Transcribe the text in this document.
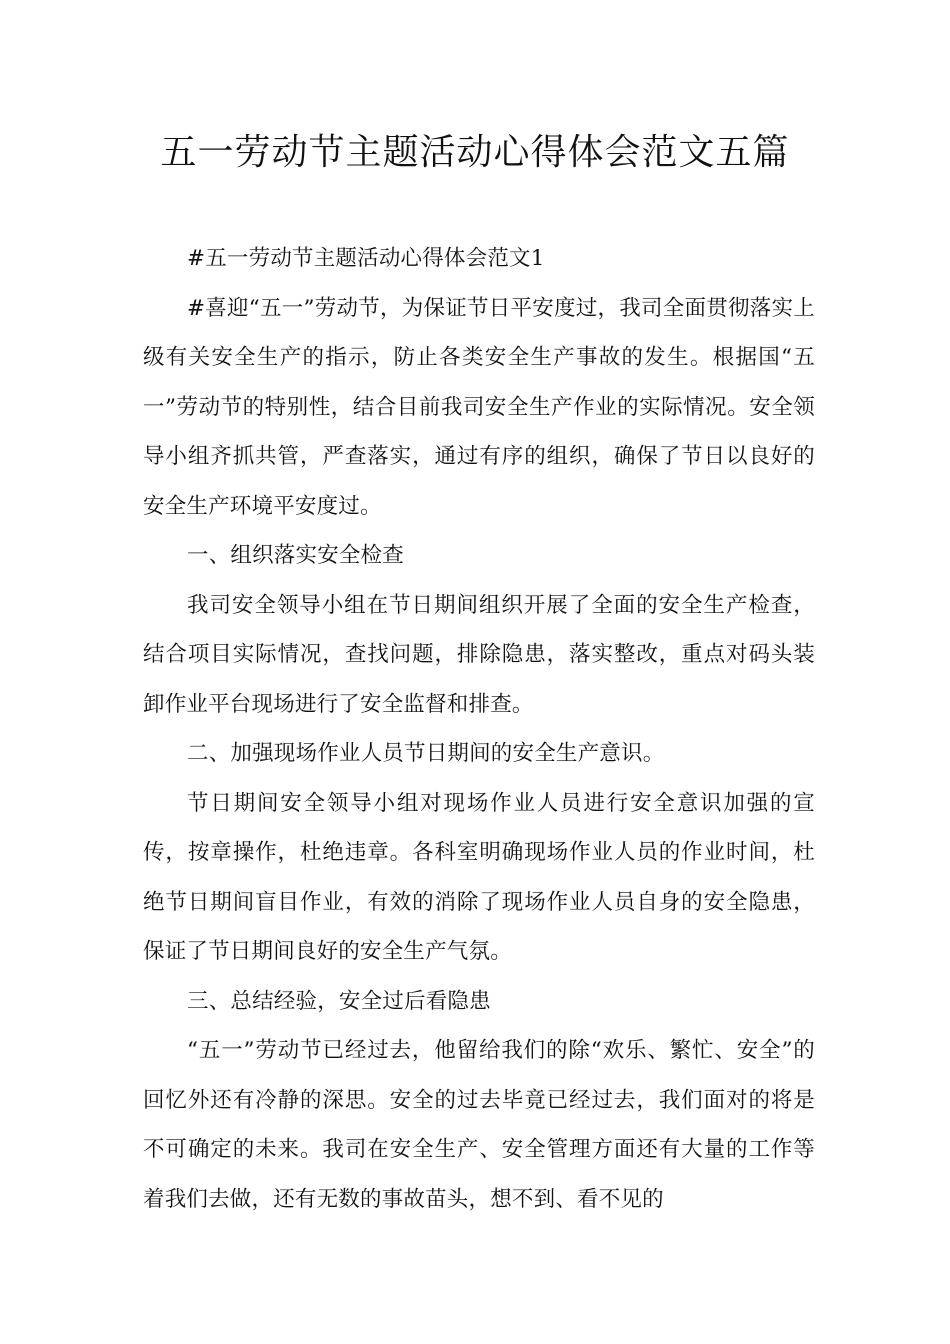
五一劳动节主题活动心得体会范文五篇

#五一劳动节主题活动心得体会范文1

#喜迎“五一”劳动节，为保证节日平安度过，我司全面贯彻落实上级有关安全生产的指示，防止各类安全生产事故的发生。根据国“五一”劳动节的特别性，结合目前我司安全生产作业的实际情况。安全领导小组齐抓共管，严查落实，通过有序的组织，确保了节日以良好的安全生产环境平安度过。

一、组织落实安全检查

我司安全领导小组在节日期间组织开展了全面的安全生产检查，结合项目实际情况，查找问题，排除隐患，落实整改，重点对码头装卸作业平台现场进行了安全监督和排查。

二、加强现场作业人员节日期间的安全生产意识。

节日期间安全领导小组对现场作业人员进行安全意识加强的宣传，按章操作，杜绝违章。各科室明确现场作业人员的作业时间，杜绝节日期间盲目作业，有效的消除了现场作业人员自身的安全隐患，保证了节日期间良好的安全生产气氛。

三、总结经验，安全过后看隐患

“五一”劳动节已经过去，他留给我们的除“欢乐、繁忙、安全”的回忆外还有冷静的深思。安全的过去毕竟已经过去，我们面对的将是不可确定的未来。我司在安全生产、安全管理方面还有大量的工作等着我们去做，还有无数的事故苗头，想不到、看不见的
